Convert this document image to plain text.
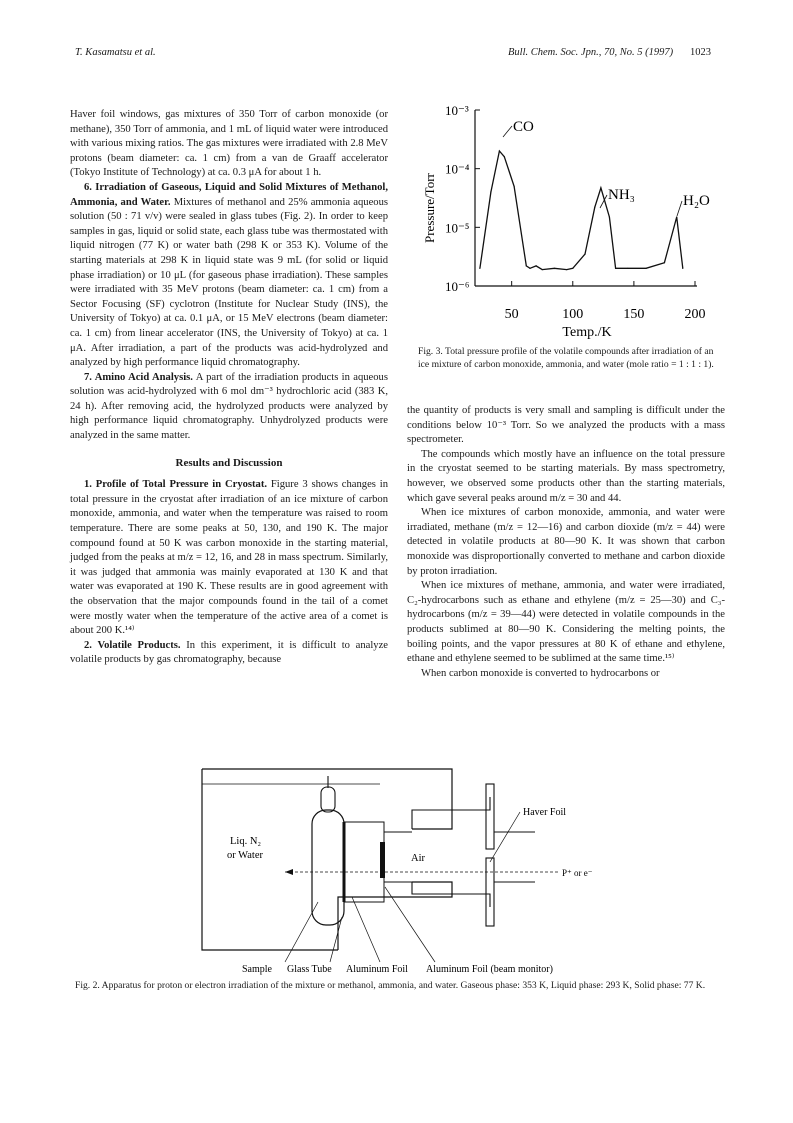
T. Kasamatsu et al.	Bull. Chem. Soc. Jpn., 70, No. 5 (1997) 1023

Haver foil windows, gas mixtures of 350 Torr of carbon monoxide (or methane), 350 Torr of ammonia, and 1 mL of liquid water were introduced with various mixing ratios. The gas mixtures were irradiated with 2.8 MeV protons (beam diameter: ca. 1 cm) from a van de Graaff accelerator (Tokyo Institute of Technology) at ca. 0.3 μA for about 1 h.

6. Irradiation of Gaseous, Liquid and Solid Mixtures of Methanol, Ammonia, and Water. Mixtures of methanol and 25% ammonia aqueous solution (50 : 71 v/v) were sealed in glass tubes (Fig. 2). In order to keep samples in gas, liquid or solid state, each glass tube was thermostated with liquid nitrogen (77 K) or water bath (298 K or 353 K). Volume of the starting materials at 298 K in liquid state was 9 mL (for solid or liquid phase irradiation) or 10 μL (for gaseous phase irradiation). These samples were irradiated with 35 MeV protons (beam diameter: ca. 1 cm) from a Sector Focusing (SF) cyclotron (Institute for Nuclear Study (INS), the University of Tokyo) at ca. 0.1 μA, or 15 MeV electrons (beam diameter: ca. 1 cm) from linear accelerator (INS, the University of Tokyo) at ca. 1 μA. After irradiation, a part of the products was acid-hydrolyzed and analyzed by high performance liquid chromatography.

7. Amino Acid Analysis. A part of the irradiation products in aqueous solution was acid-hydrolyzed with 6 mol dm⁻³ hydrochloric acid (383 K, 24 h). After removing acid, the hydrolyzed products were analyzed by high performance liquid chromatography. Unhydrolyzed products were analyzed in the same matter.

Results and Discussion

1. Profile of Total Pressure in Cryostat. Figure 3 shows changes in total pressure in the cryostat after irradiation of an ice mixture of carbon monoxide, ammonia, and water when the temperature was raised to room temperature. There are some peaks at 50, 130, and 190 K. The major compound found at 50 K was carbon monoxide in the starting material, judged from the peaks at m/z = 12, 16, and 28 in mass spectrum. Similarly, it was judged that ammonia was mainly evaporated at 130 K and that water was evaporated at 190 K. These results are in good agreement with the observation that the major compounds found in the tail of a comet were mostly water when the temperature of the active area of a comet is about 200 K.¹⁴⁾

2. Volatile Products. In this experiment, it is difficult to analyze volatile products by gas chromatography, because

10⁻⁶
10⁻⁵
10⁻⁴
10⁻³
50	100	150	200
CO
NH₃	H₂O
Pressure/Torr
Temp./K
Fig. 3. Total pressure profile of the volatile compounds after irradiation of an ice mixture of carbon monoxide, ammonia, and water (mole ratio = 1 : 1 : 1).

the quantity of products is very small and sampling is difficult under the conditions below 10⁻³ Torr. So we analyzed the products with a mass spectrometer.

The compounds which mostly have an influence on the total pressure in the cryostat seemed to be starting materials. By mass spectrometry, however, we observed some products other than the starting materials, which gave several peaks around m/z = 30 and 44.

When ice mixtures of carbon monoxide, ammonia, and water were irradiated, methane (m/z = 12—16) and carbon dioxide (m/z = 44) were detected in volatile products at 80—90 K. It was shown that carbon monoxide was disproportionally converted to methane and carbon dioxide by proton irradiation.

When ice mixtures of methane, ammonia, and water were irradiated, C₂-hydrocarbons such as ethane and ethylene (m/z = 25—30) and C₃-hydrocarbons (m/z = 39—44) were detected in volatile compounds in the products sublimed at 80—90 K. Considering the melting points, the boiling points, and the vapor pressures at 80 K of ethane and ethylene, ethane and ethylene seemed to be sublimed at the same time.¹⁵⁾

When carbon monoxide is converted to hydrocarbons or

Liq. N₂
or Water	Air
Haver Foil
P⁺ or e⁻
Sample Glass Tube Aluminum Foil Aluminum Foil (beam monitor)
Fig. 2. Apparatus for proton or electron irradiation of the mixture or methanol, ammonia, and water. Gaseous phase: 353 K, Liquid phase: 293 K, Solid phase: 77 K.
